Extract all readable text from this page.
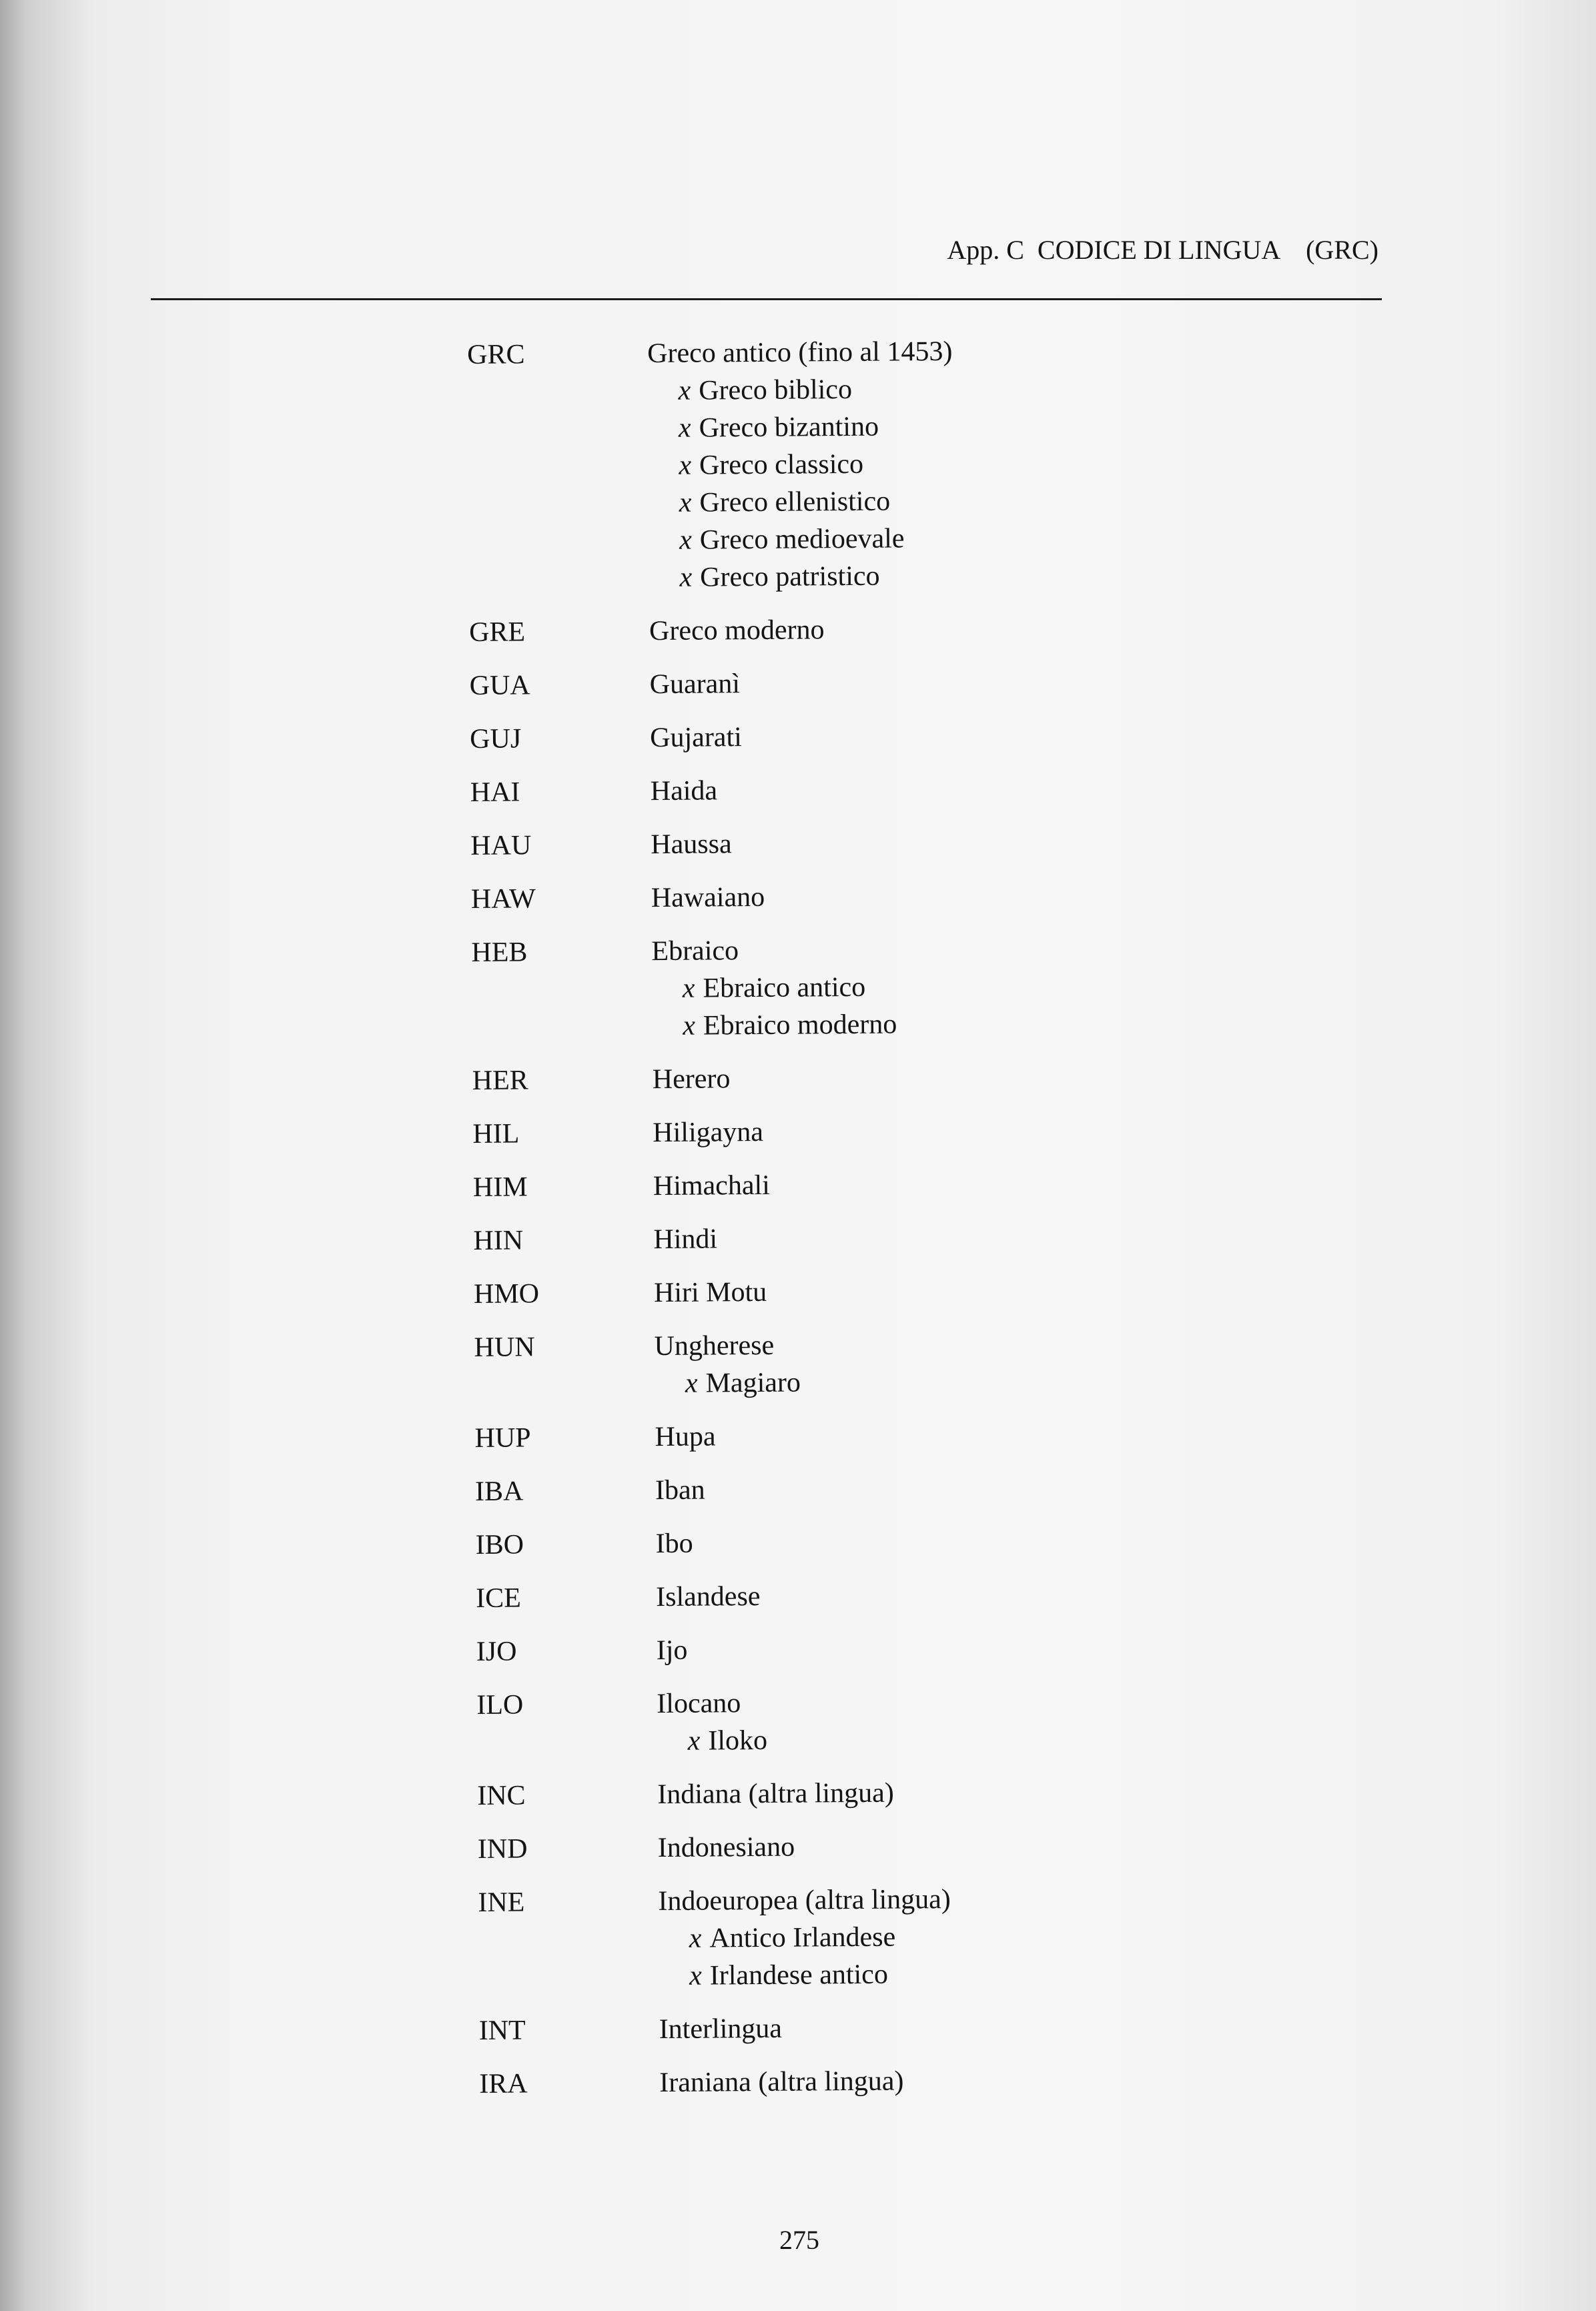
App. C CODICE DI LINGUA (GRC)
GRC	Greco antico (fino al 1453)
x Greco biblico
x Greco bizantino
x Greco classico
x Greco ellenistico
x Greco medioevale
x Greco patristico
GRE	Greco moderno
GUA	Guaranì
GUJ	Gujarati
HAI	Haida
HAU	Haussa
HAW	Hawaiano
HEB	Ebraico
x Ebraico antico
x Ebraico moderno
HER	Herero
HIL	Hiligayna
HIM	Himachali
HIN	Hindi
HMO	Hiri Motu
HUN	Ungherese
x Magiaro
HUP	Hupa
IBA	Iban
IBO	Ibo
ICE	Islandese
IJO	Ijo
ILO	Ilocano
x Iloko
INC	Indiana (altra lingua)
IND	Indonesiano
INE	Indoeuropea (altra lingua)
x Antico Irlandese
x Irlandese antico
INT	Interlingua
IRA	Iraniana (altra lingua)
275
